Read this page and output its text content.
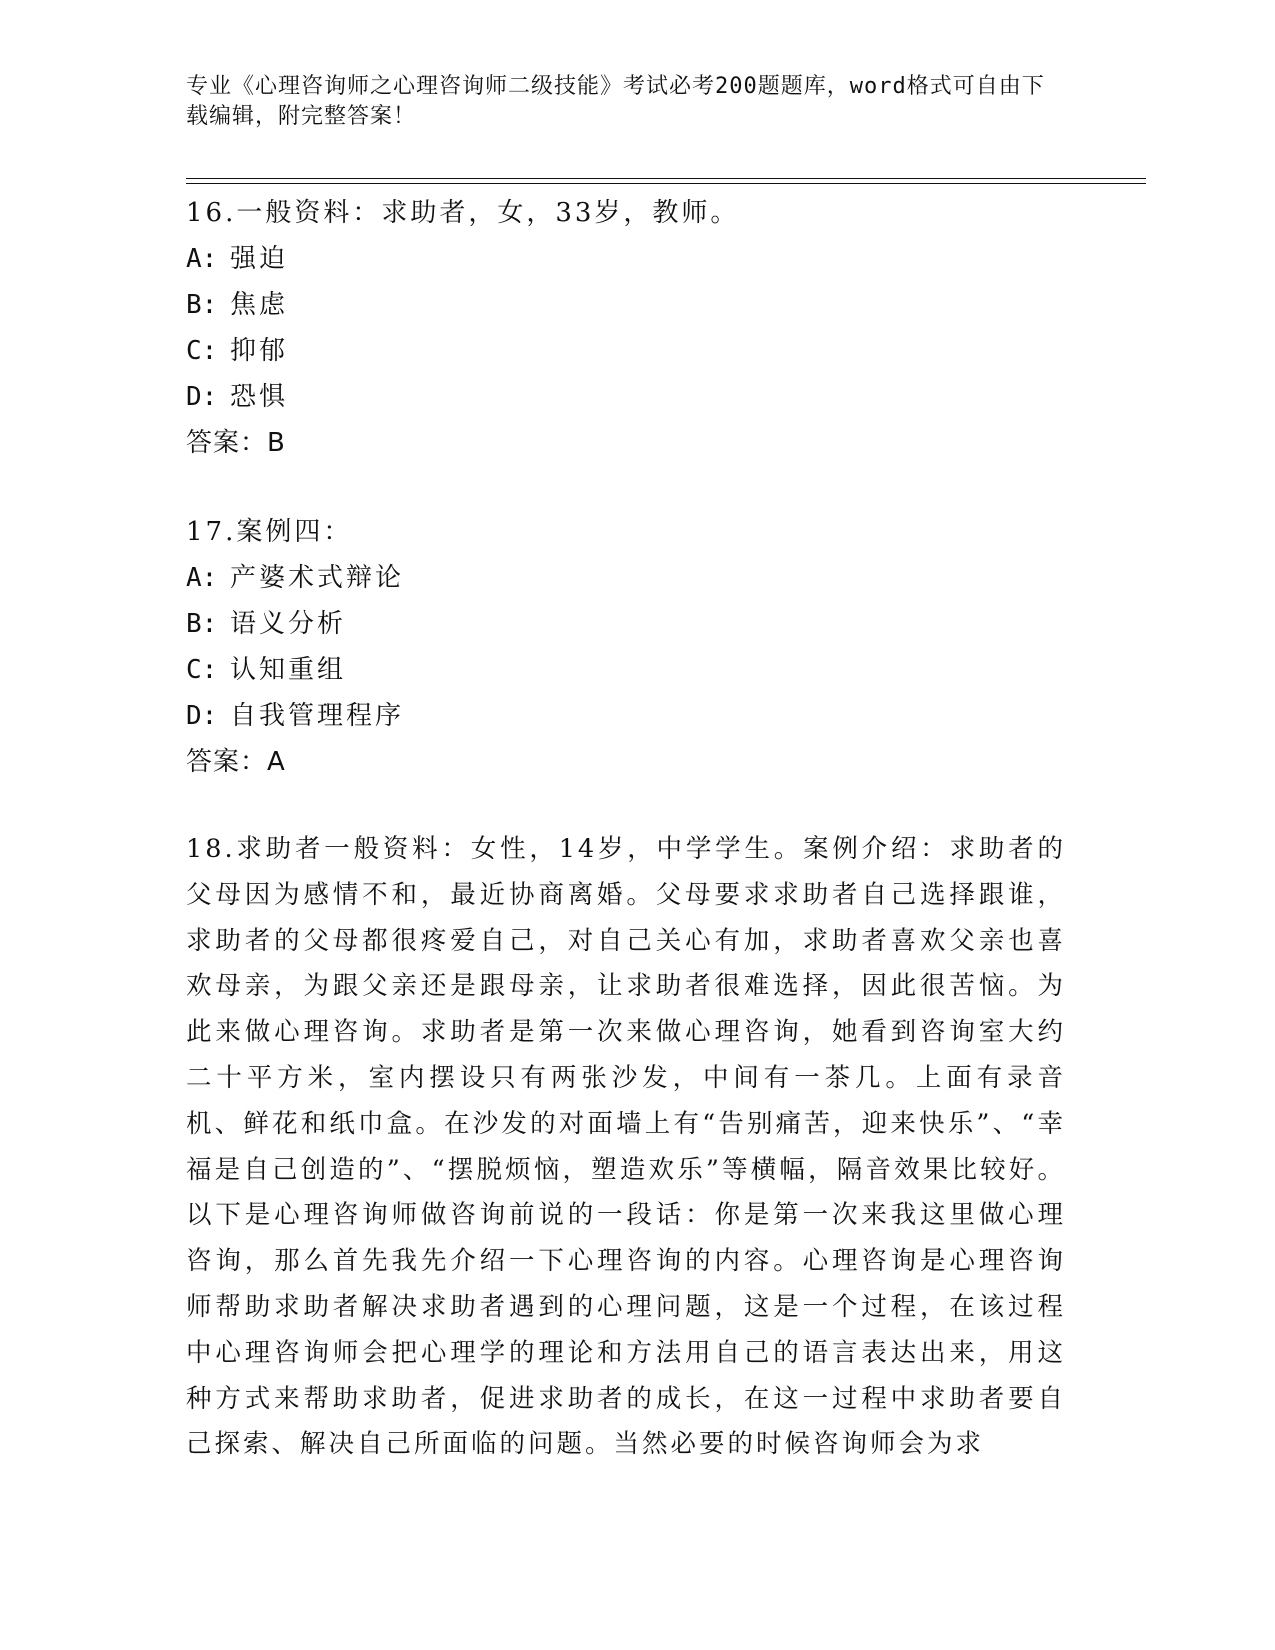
专业《心理咨询师之心理咨询师二级技能》考试必考200题题库，word格式可自由下载编辑，附完整答案！

16.一般资料：求助者，女，33岁，教师。

A: 强迫

B: 焦虑

C: 抑郁

D: 恐惧

答案：B

17.案例四：

A: 产婆术式辩论

B: 语义分析

C: 认知重组

D: 自我管理程序

答案：A

18.求助者一般资料：女性，14岁，中学学生。案例介绍：求助者的父母因为感情不和，最近协商离婚。父母要求求助者自己选择跟谁，求助者的父母都很疼爱自己，对自己关心有加，求助者喜欢父亲也喜欢母亲，为跟父亲还是跟母亲，让求助者很难选择，因此很苦恼。为此来做心理咨询。求助者是第一次来做心理咨询，她看到咨询室大约二十平方米，室内摆设只有两张沙发，中间有一茶几。上面有录音机、鲜花和纸巾盒。在沙发的对面墙上有“告别痛苦，迎来快乐”、“幸福是自己创造的”、“摆脱烦恼，塑造欢乐”等横幅，隔音效果比较好。以下是心理咨询师做咨询前说的一段话：你是第一次来我这里做心理咨询，那么首先我先介绍一下心理咨询的内容。心理咨询是心理咨询师帮助求助者解决求助者遇到的心理问题，这是一个过程，在该过程中心理咨询师会把心理学的理论和方法用自己的语言表达出来，用这种方式来帮助求助者，促进求助者的成长，在这一过程中求助者要自己探索、解决自己所面临的问题。当然必要的时候咨询师会为求
